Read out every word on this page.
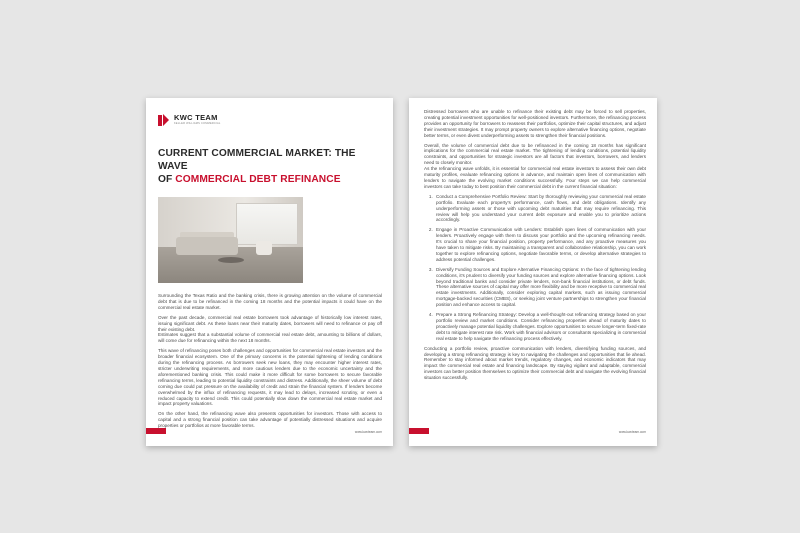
KWC TEAM
KELLER WILLIAMS COMMERCIAL
CURRENT COMMERCIAL MARKET: THE WAVE
OF COMMERCIAL DEBT REFINANCE

Surrounding the Texas Ratio and the banking crisis, there is growing attention on the volume of commercial debt that is due to be refinanced in the coming 18 months and the potential impacts it could have on the commercial real estate market.

Over the past decade, commercial real estate borrowers took advantage of historically low interest rates, issuing significant debt. As these loans near their maturity dates, borrowers will need to refinance or pay off their existing debt.

Estimates suggest that a substantial volume of commercial real estate debt, amounting to billions of dollars, will come due for refinancing within the next 18 months.

This wave of refinancing poses both challenges and opportunities for commercial real estate investors and the broader financial ecosystem. One of the primary concerns is the potential tightening of lending conditions during the refinancing process. As borrowers seek new loans, they may encounter higher interest rates, stricter underwriting requirements, and more cautious lenders due to the economic uncertainty and the aforementioned banking crisis. This could make it more difficult for some borrowers to secure favorable refinancing terms, leading to potential liquidity constraints and distress. Additionally, the sheer volume of debt coming due could put pressure on the availability of credit and strain the financial system. If lenders become overwhelmed by the influx of refinancing requests, it may lead to delays, increased scrutiny, or even a reduced capacity to extend credit. This could potentially slow down the commercial real estate market and impact property valuations.

On the other hand, the refinancing wave also presents opportunities for investors. Those with access to capital and a strong financial position can take advantage of potentially distressed situations and acquire properties or portfolios at more favorable terms.

www.kwcteam.com

Distressed borrowers who are unable to refinance their existing debt may be forced to sell properties, creating potential investment opportunities for well-positioned investors. Furthermore, the refinancing process provides an opportunity for borrowers to reassess their portfolios, optimize their capital structures, and adjust their investment strategies. It may prompt property owners to explore alternative financing options, negotiate better terms, or even divest underperforming assets to strengthen their financial positions.

Overall, the volume of commercial debt due to be refinanced in the coming 18 months has significant implications for the commercial real estate market. The tightening of lending conditions, potential liquidity constraints, and opportunities for strategic investors are all factors that investors, borrowers, and lenders need to closely monitor.

As the refinancing wave unfolds, it is essential for commercial real estate investors to assess their own debt maturity profiles, evaluate refinancing options in advance, and maintain open lines of communication with lenders to navigate the evolving market conditions successfully. Four steps we can help commercial investors can take today to best position their commercial debt in the current financial situation:

1. Conduct a Comprehensive Portfolio Review: Start by thoroughly reviewing your commercial real estate portfolio. Evaluate each property's performance, cash flows, and debt obligations. Identify any underperforming assets or those with upcoming debt maturities that may require refinancing. This review will help you understand your current debt exposure and enable you to prioritize actions accordingly.
2. Engage in Proactive Communication with Lenders: Establish open lines of communication with your lenders. Proactively engage with them to discuss your portfolio and the upcoming refinancing needs. It's crucial to share your financial position, property performance, and any proactive measures you have taken to mitigate risks. By maintaining a transparent and collaborative relationship, you can work together to explore refinancing options, negotiate favorable terms, or develop alternative strategies to address potential challenges.
3. Diversify Funding Sources and Explore Alternative Financing Options: In the face of tightening lending conditions, it's prudent to diversify your funding sources and explore alternative financing options. Look beyond traditional banks and consider private lenders, non-bank financial institutions, or debt funds. These alternative sources of capital may offer more flexibility and be more receptive to commercial real estate investments. Additionally, consider exploring capital markets, such as issuing commercial mortgage-backed securities (CMBS), or seeking joint venture partnerships to strengthen your financial position and enhance access to capital.
4. Prepare a Strong Refinancing Strategy: Develop a well-thought-out refinancing strategy based on your portfolio review and market conditions. Consider refinancing properties ahead of maturity dates to proactively manage potential liquidity challenges. Explore opportunities to secure longer-term fixed-rate debt to mitigate interest rate risk. Work with financial advisors or consultants specializing in commercial real estate to help navigate the refinancing process effectively.

Conducting a portfolio review, proactive communication with lenders, diversifying funding sources, and developing a strong refinancing strategy is key to navigating the challenges and opportunities that lie ahead. Remember to stay informed about market trends, regulatory changes, and economic indicators that may impact the commercial real estate and financing landscape. By staying vigilant and adaptable, commercial investors can better position themselves to optimize their commercial debt and navigate the evolving financial situation successfully.

www.kwcteam.com
